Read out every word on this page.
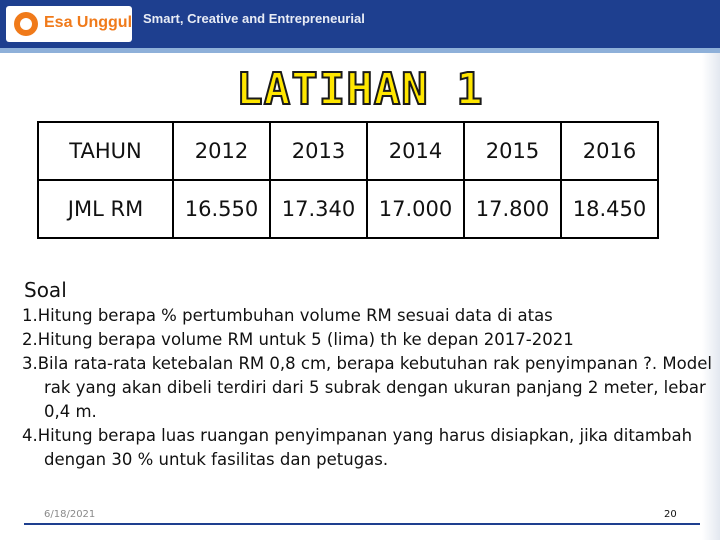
Esa Unggul Smart, Creative and Entrepreneurial
LATIHAN 1
TAHUN	2012	2013	2014	2015	2016
JML RM	16.550	17.340	17.000	17.800	18.450
Soal
1.Hitung berapa % pertumbuhan volume RM sesuai data di atas
2.Hitung berapa volume RM untuk 5 (lima) th ke depan 2017-2021
3.Bila rata-rata ketebalan RM 0,8 cm, berapa kebutuhan rak penyimpanan ?. Model rak yang akan dibeli terdiri dari 5 subrak dengan ukuran panjang 2 meter, lebar 0,4 m.
4.Hitung berapa luas ruangan penyimpanan yang harus disiapkan, jika ditambah dengan 30 % untuk fasilitas dan petugas.
6/18/2021	20
